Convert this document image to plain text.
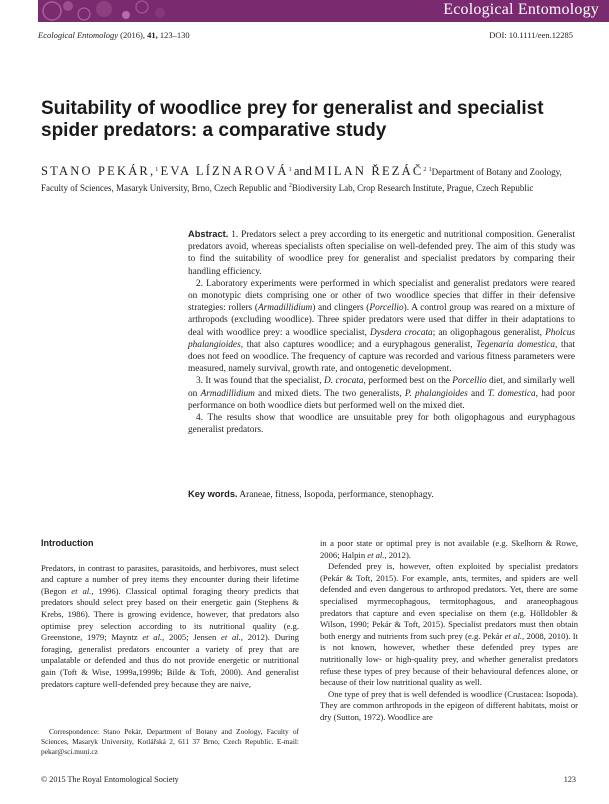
Ecological Entomology
Ecological Entomology (2016), 41, 123–130	DOI: 10.1111/een.12285
Suitability of woodlice prey for generalist and specialist spider predators: a comparative study
STANO PEKÁR,$^1$ EVA LÍZNAROVÁ$^1$ and MILAN ŘEZÁČ$^2$ $^1$Department of Botany and Zoology, Faculty of Sciences, Masaryk University, Brno, Czech Republic and $^2$Biodiversity Lab, Crop Research Institute, Prague, Czech Republic

Abstract. 1. Predators select a prey according to its energetic and nutritional composition. Generalist predators avoid, whereas specialists often specialise on well-defended prey. The aim of this study was to find the suitability of woodlice prey for generalist and specialist predators by comparing their handling efficiency.

2. Laboratory experiments were performed in which specialist and generalist predators were reared on monotypic diets comprising one or other of two woodlice species that differ in their defensive strategies: rollers (Armadillidium) and clingers (Porcellio). A control group was reared on a mixture of arthropods (excluding woodlice). Three spider predators were used that differ in their adaptations to deal with woodlice prey: a woodlice specialist, Dysdera crocata; an oligophagous generalist, Pholcus phalangioides, that also captures woodlice; and a euryphagous generalist, Tegenaria domestica, that does not feed on woodlice. The frequency of capture was recorded and various fitness parameters were measured, namely survival, growth rate, and ontogenetic development.

3. It was found that the specialist, D. crocata, performed best on the Porcellio diet, and similarly well on Armadillidium and mixed diets. The two generalists, P. phalangioides and T. domestica, had poor performance on both woodlice diets but performed well on the mixed diet.

4. The results show that woodlice are unsuitable prey for both oligophagous and euryphagous generalist predators.

Key words. Araneae, fitness, Isopoda, performance, stenophagy.
Introduction

Predators, in contrast to parasites, parasitoids, and herbivores, must select and capture a number of prey items they encounter during their lifetime (Begon et al., 1996). Classical optimal foraging theory predicts that predators should select prey based on their energetic gain (Stephens & Krebs, 1986). There is growing evidence, however, that predators also optimise prey selection according to its nutritional quality (e.g. Greenstone, 1979; Mayntz et al., 2005; Jensen et al., 2012). During foraging, generalist predators encounter a variety of prey that are unpalatable or defended and thus do not provide energetic or nutritional gain (Toft & Wise, 1999a,1999b; Bilde & Toft, 2000). And generalist predators capture well-defended prey because they are naive,

in a poor state or optimal prey is not available (e.g. Skelhorn & Rowe, 2006; Halpin et al., 2012).

Defended prey is, however, often exploited by specialist predators (Pekár & Toft, 2015). For example, ants, termites, and spiders are well defended and even dangerous to arthropod predators. Yet, there are some specialised myrmecophagous, termitophagous, and araneophagous predators that capture and even specialise on them (e.g. Hölldobler & Wilson, 1990; Pekár & Toft, 2015). Specialist predators must then obtain both energy and nutrients from such prey (e.g. Pekár et al., 2008, 2010). It is not known, however, whether these defended prey types are nutritionally low- or high-quality prey, and whether generalist predators refuse these types of prey because of their behavioural defences alone, or because of their low nutritional quality as well.

One type of prey that is well defended is woodlice (Crustacea: Isopoda). They are common arthropods in the epigeon of different habitats, moist or dry (Sutton, 1972). Woodlice are

Correspondence: Stano Pekár, Department of Botany and Zoology, Faculty of Sciences, Masaryk University, Kotlářská 2, 611 37 Brno, Czech Republic. E-mail: pekar@sci.muni.cz
© 2015 The Royal Entomological Society	123
